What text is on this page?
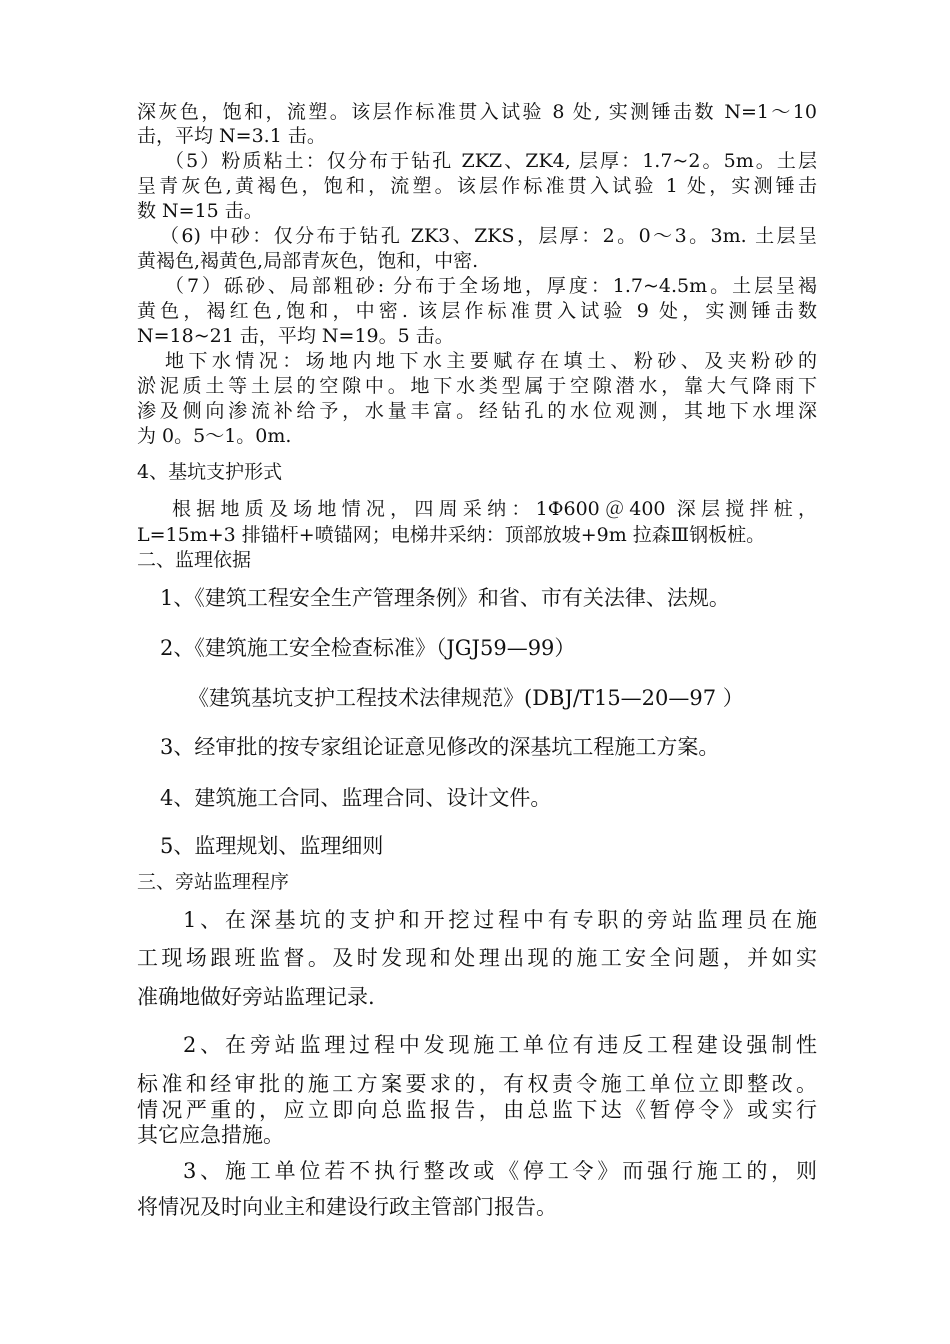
深灰色，饱和，流塑。该层作标准贯入试验 8 处, 实测锤击数 N=1～10
击，平均 N=3.1 击。
（5）粉质粘土：仅分布于钻孔 ZKZ、ZK4, 层厚：1.7~2。5m。土层
呈青灰色,黄褐色，饱和，流塑。该层作标准贯入试验 1 处，实测锤击
数 N=15 击。
（6) 中砂：仅分布于钻孔 ZK3、ZKS，层厚：2。0～3。3m. 土层呈
黄褐色,褐黄色,局部青灰色，饱和，中密.
（7）砾砂、局部粗砂: 分布于全场地，厚度：1.7~4.5m。土层呈褐
黄色，褐红色,饱和，中密. 该层作标准贯入试验 9 处，实测锤击数
N=18~21 击，平均 N=19。5 击。
地下水情况：场地内地下水主要赋存在填土、粉砂、及夹粉砂的
淤泥质土等土层的空隙中。地下水类型属于空隙潜水，靠大气降雨下
渗及侧向渗流补给予，水量丰富。经钻孔的水位观测，其地下水埋深
为 0。5～1。0m.
4、基坑支护形式
根据地质及场地情况，四周采纳：1Ф600＠400 深层搅拌桩，
L=15m+3 排锚杆+喷锚网；电梯井采纳：顶部放坡+9m 拉森Ⅲ钢板桩。
二、监理依据
1、《建筑工程安全生产管理条例》和省、市有关法律、法规。
2、《建筑施工安全检查标准》（JGJ59—99）
《建筑基坑支护工程技术法律规范》(DBJ/T15—20—97 ）
3、经审批的按专家组论证意见修改的深基坑工程施工方案。
4、建筑施工合同、监理合同、设计文件。
5、监理规划、监理细则
三、旁站监理程序
1、在深基坑的支护和开挖过程中有专职的旁站监理员在施
工现场跟班监督。及时发现和处理出现的施工安全问题，并如实
准确地做好旁站监理记录.
2、在旁站监理过程中发现施工单位有违反工程建设强制性
标准和经审批的施工方案要求的，有权责令施工单位立即整改。
情况严重的，应立即向总监报告，由总监下达《暂停令》或实行
其它应急措施。
3、施工单位若不执行整改或《停工令》而强行施工的，则
将情况及时向业主和建设行政主管部门报告。
